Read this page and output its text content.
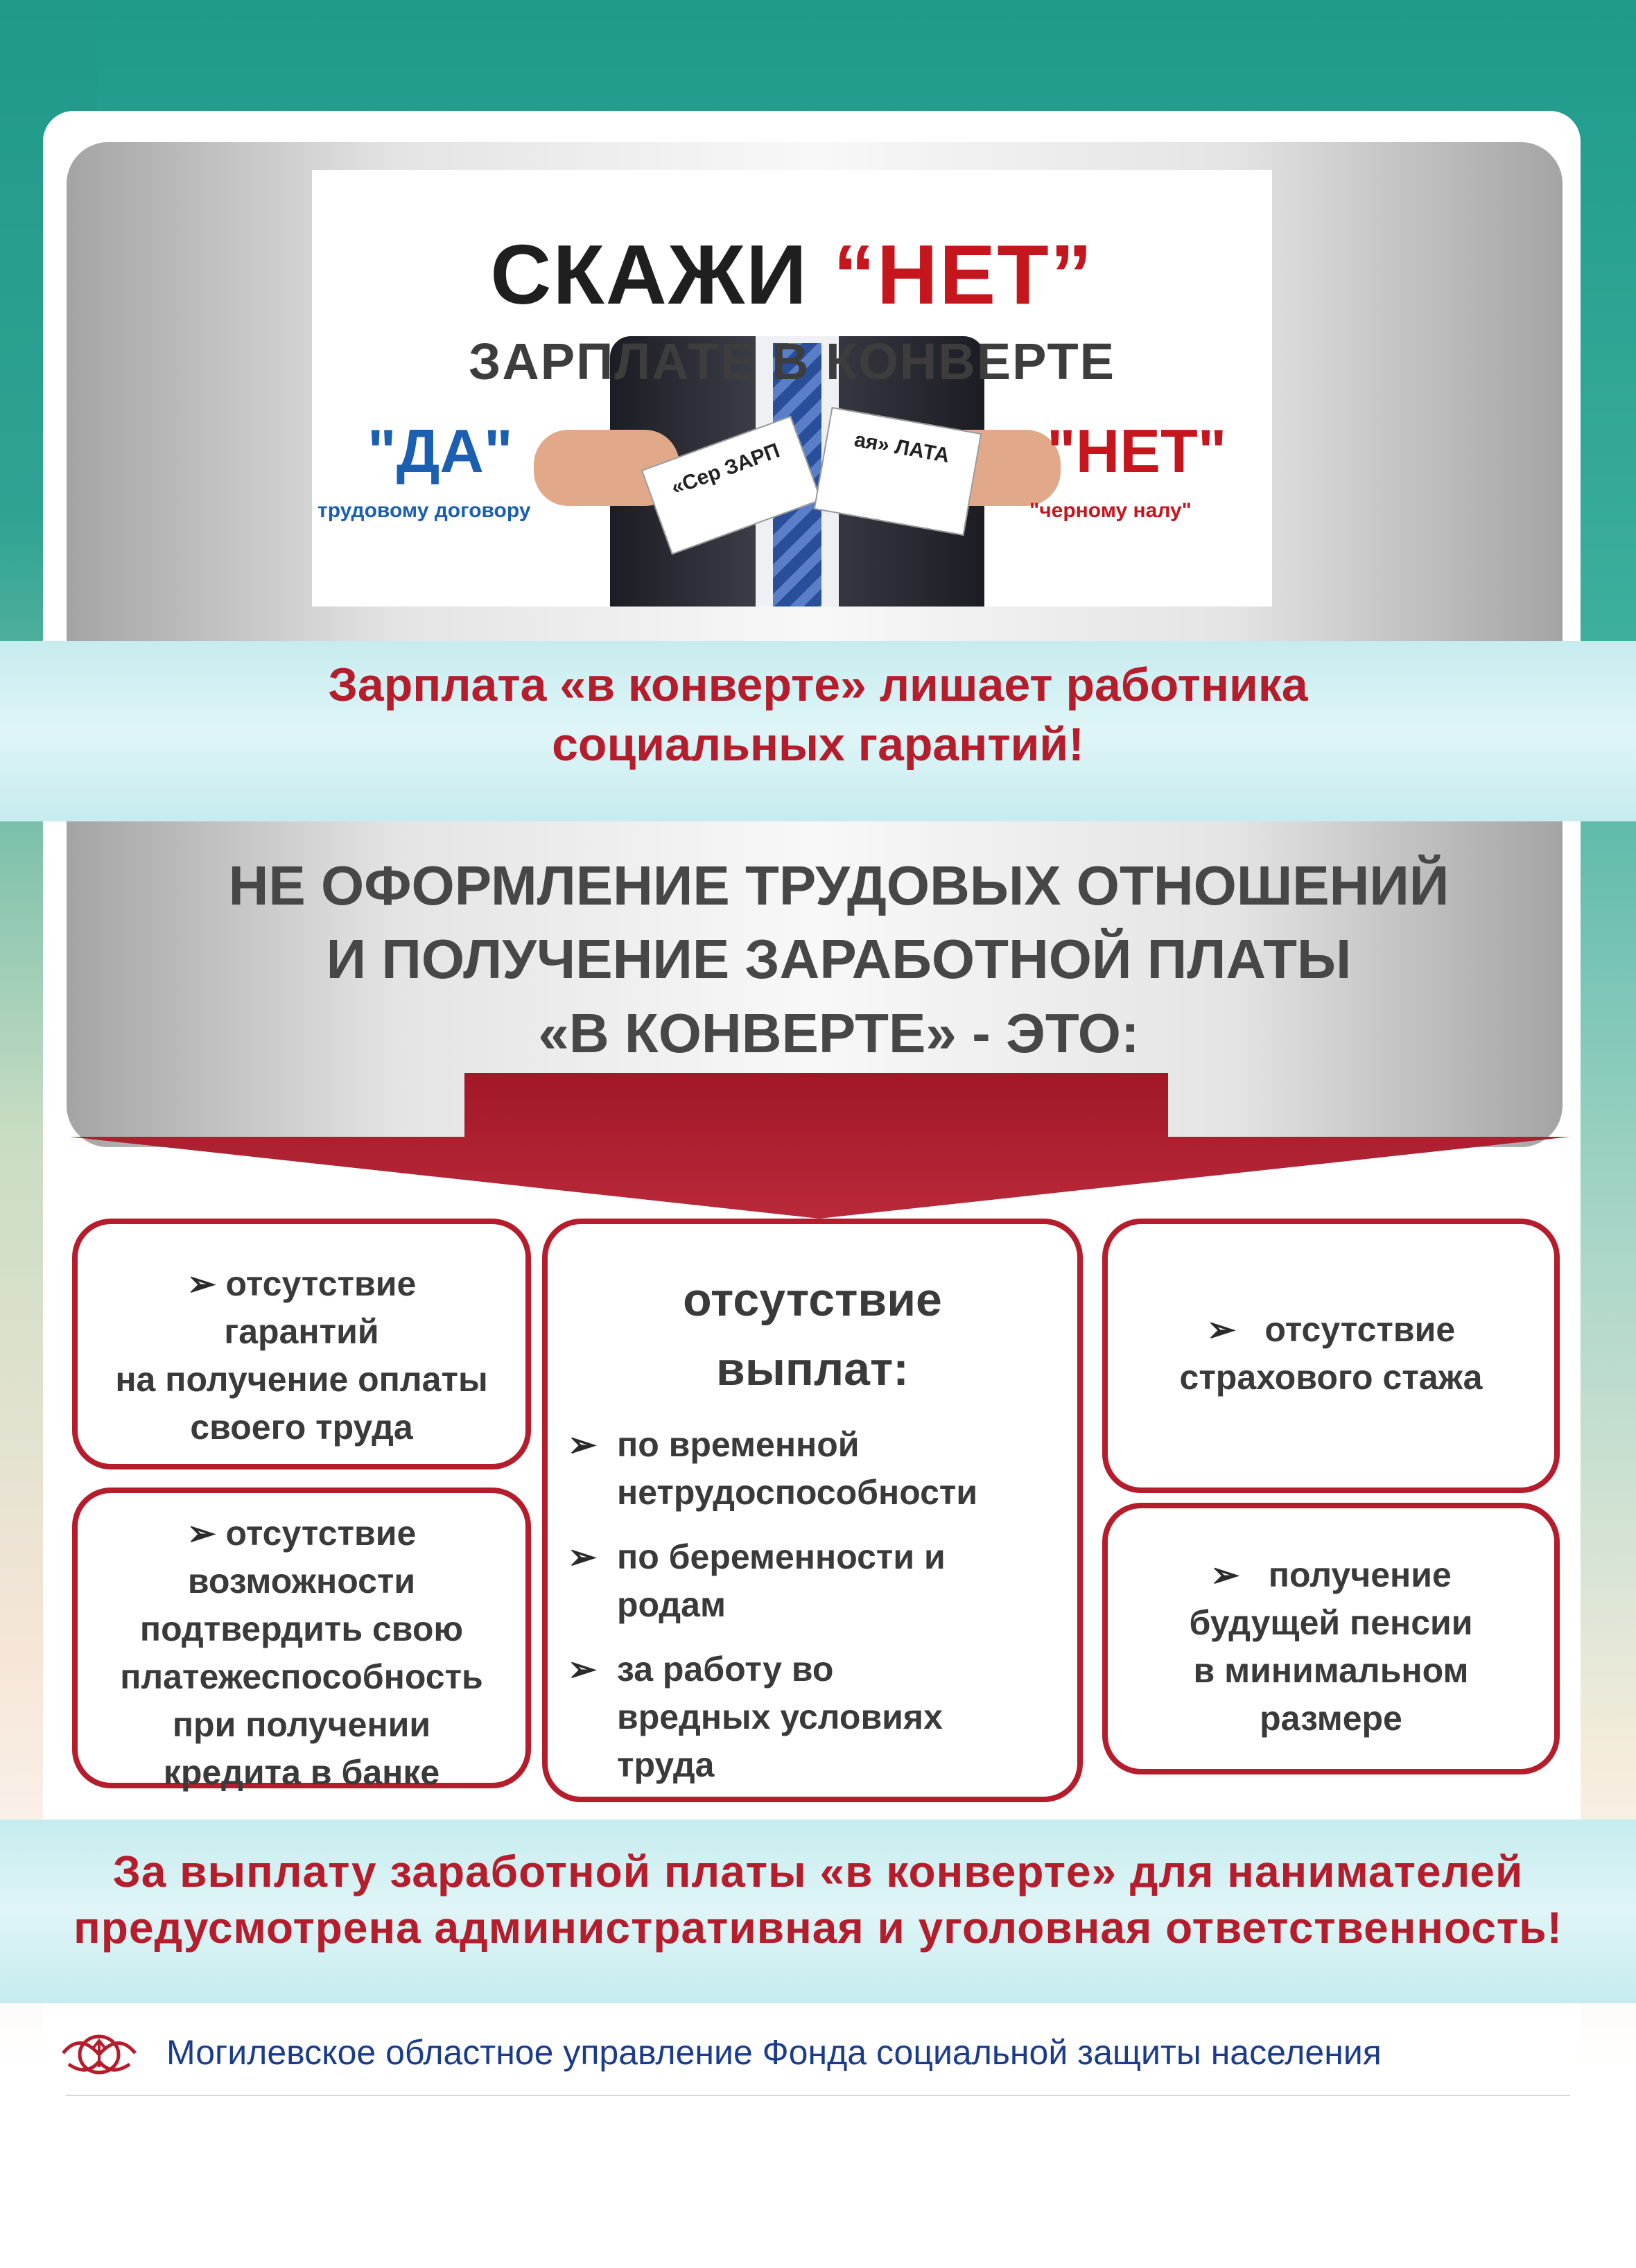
«Сер ЗАРП	ая» ЛАТА
СКАЖИ “НЕТ”
ЗАРПЛАТЕ В КОНВЕРТЕ
"ДА"
трудовому договору
"НЕТ"
"черному налу"
Зарплата «в конверте» лишает работника
социальных гарантий!
НЕ ОФОРМЛЕНИЕ ТРУДОВЫХ ОТНОШЕНИЙ
И ПОЛУЧЕНИЕ ЗАРАБОТНОЙ ПЛАТЫ
«В КОНВЕРТЕ» - ЭТО:
➢ отсутствие
гарантий
на получение оплаты
своего труда
➢ отсутствие
возможности
подтвердить свою
платежеспособность
при получении
кредита в банке
отсутствие
выплат:
➢ по временной
нетрудоспособности
➢ по беременности и
родам
➢ за работу во
вредных условиях
труда
➢ отсутствие
страхового стажа
➢ получение
будущей пенсии
в минимальном
размере
За выплату заработной платы «в конверте» для нанимателей
предусмотрена административная и уголовная ответственность!
Могилевское областное управление Фонда социальной защиты населения
